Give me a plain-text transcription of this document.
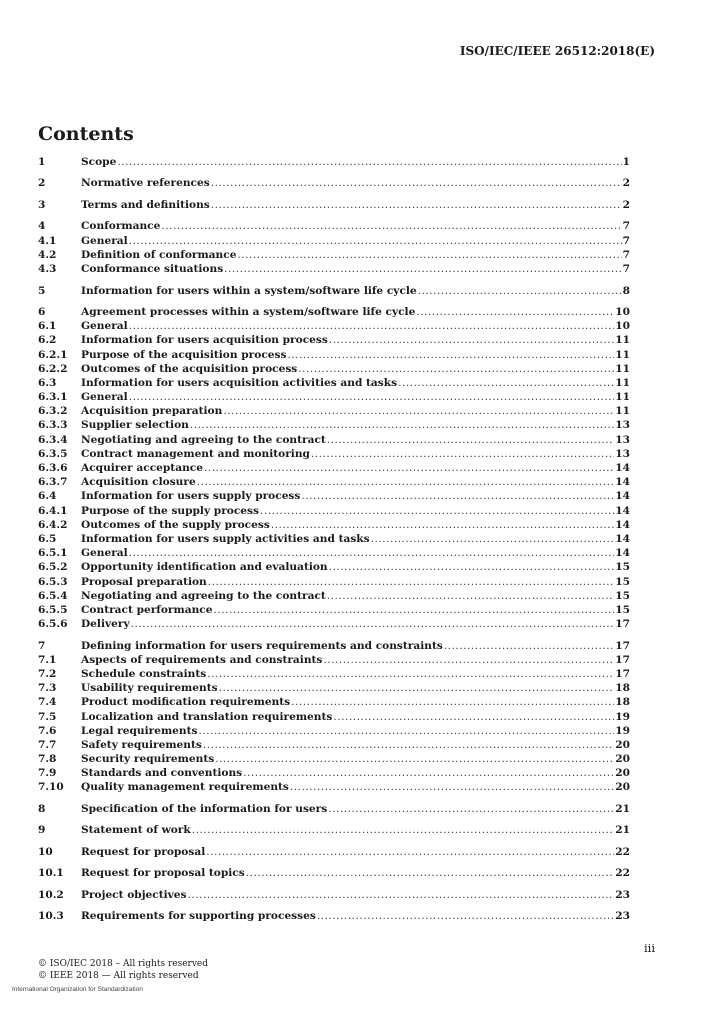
ISO/IEC/IEEE 26512:2018(E)
Contents
1	Scope .....	1
2	Normative references .....	2
3	Terms and definitions .....	2
4	Conformance .....	7
4.1	General .....	7
4.2	Definition of conformance .....	7
4.3	Conformance situations .....	7
5	Information for users within a system/software life cycle .....	8
6	Agreement processes within a system/software life cycle .....	10
6.1	General .....	10
6.2	Information for users acquisition process .....	11
6.2.1	Purpose of the acquisition process .....	11
6.2.2	Outcomes of the acquisition process .....	11
6.3	Information for users acquisition activities and tasks .....	11
6.3.1	General .....	11
6.3.2	Acquisition preparation .....	11
6.3.3	Supplier selection .....	13
6.3.4	Negotiating and agreeing to the contract .....	13
6.3.5	Contract management and monitoring .....	13
6.3.6	Acquirer acceptance .....	14
6.3.7	Acquisition closure .....	14
6.4	Information for users supply process .....	14
6.4.1	Purpose of the supply process .....	14
6.4.2	Outcomes of the supply process .....	14
6.5	Information for users supply activities and tasks .....	14
6.5.1	General .....	14
6.5.2	Opportunity identification and evaluation .....	15
6.5.3	Proposal preparation .....	15
6.5.4	Negotiating and agreeing to the contract .....	15
6.5.5	Contract performance .....	15
6.5.6	Delivery .....	17
7	Defining information for users requirements and constraints .....	17
7.1	Aspects of requirements and constraints .....	17
7.2	Schedule constraints .....	17
7.3	Usability requirements .....	18
7.4	Product modification requirements .....	18
7.5	Localization and translation requirements .....	19
7.6	Legal requirements .....	19
7.7	Safety requirements .....	20
7.8	Security requirements .....	20
7.9	Standards and conventions .....	20
7.10	Quality management requirements .....	20
8	Specification of the information for users .....	21
9	Statement of work .....	21
10	Request for proposal .....	22
10.1	Request for proposal topics .....	22
10.2	Project objectives .....	23
10.3	Requirements for supporting processes .....	23
iii
© ISO/IEC 2018 – All rights reserved
© IEEE 2018 — All rights reserved
International Organization for Standardization
